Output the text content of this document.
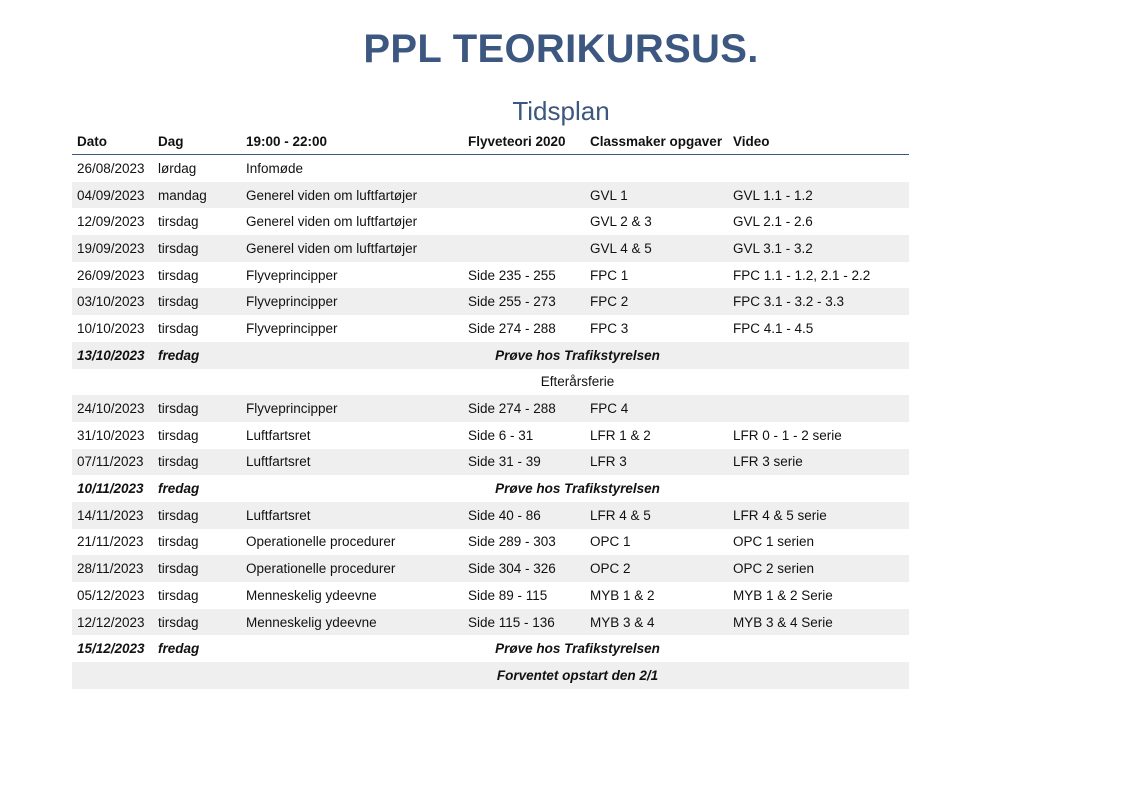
PPL TEORIKURSUS.
Tidsplan
Dato	Dag	19:00 - 22:00	Flyveteori 2020	Classmaker opgaver	Video
26/08/2023	lørdag	Infomøde			
04/09/2023	mandag	Generel viden om luftfartøjer		GVL 1	GVL 1.1 - 1.2
12/09/2023	tirsdag	Generel viden om luftfartøjer		GVL 2 & 3	GVL 2.1 - 2.6
19/09/2023	tirsdag	Generel viden om luftfartøjer		GVL 4 & 5	GVL 3.1 - 3.2
26/09/2023	tirsdag	Flyveprincipper	Side 235 - 255	FPC 1	FPC 1.1 - 1.2, 2.1 - 2.2
03/10/2023	tirsdag	Flyveprincipper	Side 255 - 273	FPC 2	FPC 3.1 - 3.2 - 3.3
10/10/2023	tirsdag	Flyveprincipper	Side 274 - 288	FPC 3	FPC 4.1 - 4.5
13/10/2023	fredag	Prøve hos Trafikstyrelsen			
		Efterårsferie			
24/10/2023	tirsdag	Flyveprincipper	Side 274 - 288	FPC 4	
31/10/2023	tirsdag	Luftfartsret	Side 6 - 31	LFR 1 & 2	LFR 0 - 1 - 2 serie
07/11/2023	tirsdag	Luftfartsret	Side 31 - 39	LFR 3	LFR 3 serie
10/11/2023	fredag	Prøve hos Trafikstyrelsen			
14/11/2023	tirsdag	Luftfartsret	Side 40 - 86	LFR 4 & 5	LFR 4 & 5 serie
21/11/2023	tirsdag	Operationelle procedurer	Side 289 - 303	OPC 1	OPC 1 serien
28/11/2023	tirsdag	Operationelle procedurer	Side 304 - 326	OPC 2	OPC 2 serien
05/12/2023	tirsdag	Menneskelig ydeevne	Side 89 - 115	MYB 1 & 2	MYB 1 & 2 Serie
12/12/2023	tirsdag	Menneskelig ydeevne	Side 115 - 136	MYB 3 & 4	MYB 3 & 4 Serie
15/12/2023	fredag	Prøve hos Trafikstyrelsen			
		Forventet opstart den 2/1			
